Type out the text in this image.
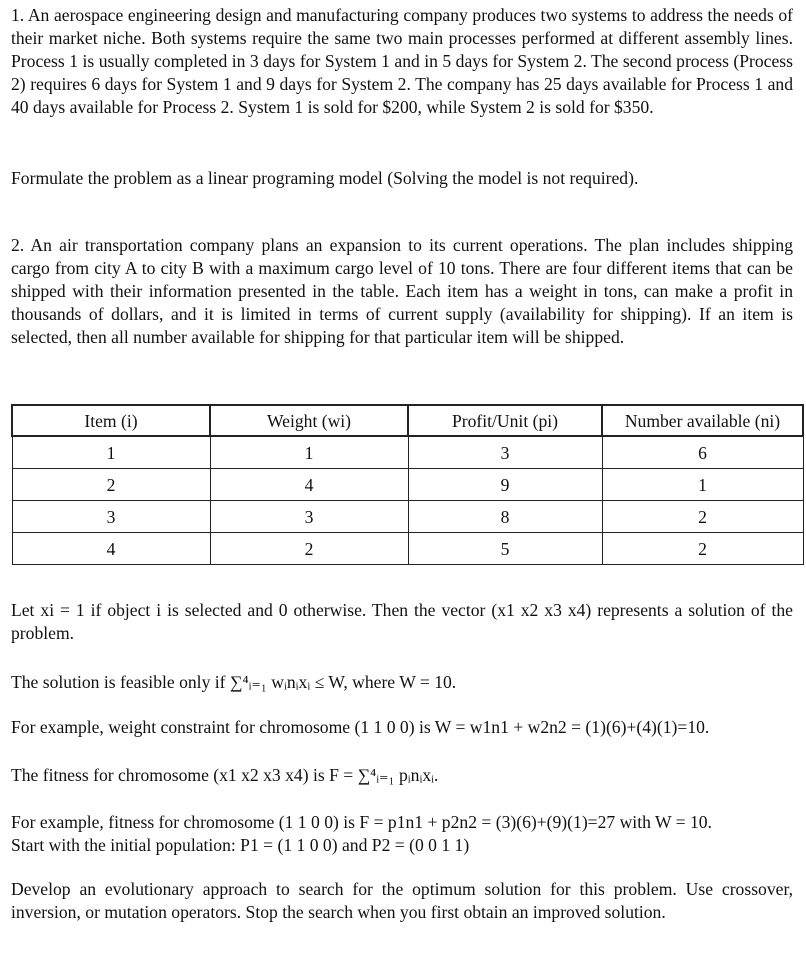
1. An aerospace engineering design and manufacturing company produces two systems to address the needs of their market niche. Both systems require the same two main processes performed at different assembly lines. Process 1 is usually completed in 3 days for System 1 and in 5 days for System 2. The second process (Process 2) requires 6 days for System 1 and 9 days for System 2. The company has 25 days available for Process 1 and 40 days available for Process 2. System 1 is sold for $200, while System 2 is sold for $350.

Formulate the problem as a linear programing model (Solving the model is not required).

2. An air transportation company plans an expansion to its current operations. The plan includes shipping cargo from city A to city B with a maximum cargo level of 10 tons. There are four different items that can be shipped with their information presented in the table. Each item has a weight in tons, can make a profit in thousands of dollars, and it is limited in terms of current supply (availability for shipping). If an item is selected, then all number available for shipping for that particular item will be shipped.

Item (i)	Weight (wi)	Profit/Unit (pi)	Number available (ni)
1	1	3	6
2	4	9	1
3	3	8	2
4	2	5	2

Let xi = 1 if object i is selected and 0 otherwise. Then the vector (x1 x2 x3 x4) represents a solution of the problem.

The solution is feasible only if ∑⁴ᵢ₌₁ wᵢnᵢxᵢ ≤ W, where W = 10.

For example, weight constraint for chromosome (1 1 0 0) is W = w1n1 + w2n2 = (1)(6)+(4)(1)=10.

The fitness for chromosome (x1 x2 x3 x4) is F = ∑⁴ᵢ₌₁ pᵢnᵢxᵢ.

For example, fitness for chromosome (1 1 0 0) is F = p1n1 + p2n2 = (3)(6)+(9)(1)=27 with W = 10.

Start with the initial population: P1 = (1 1 0 0) and P2 = (0 0 1 1)

Develop an evolutionary approach to search for the optimum solution for this problem. Use crossover, inversion, or mutation operators. Stop the search when you first obtain an improved solution.
